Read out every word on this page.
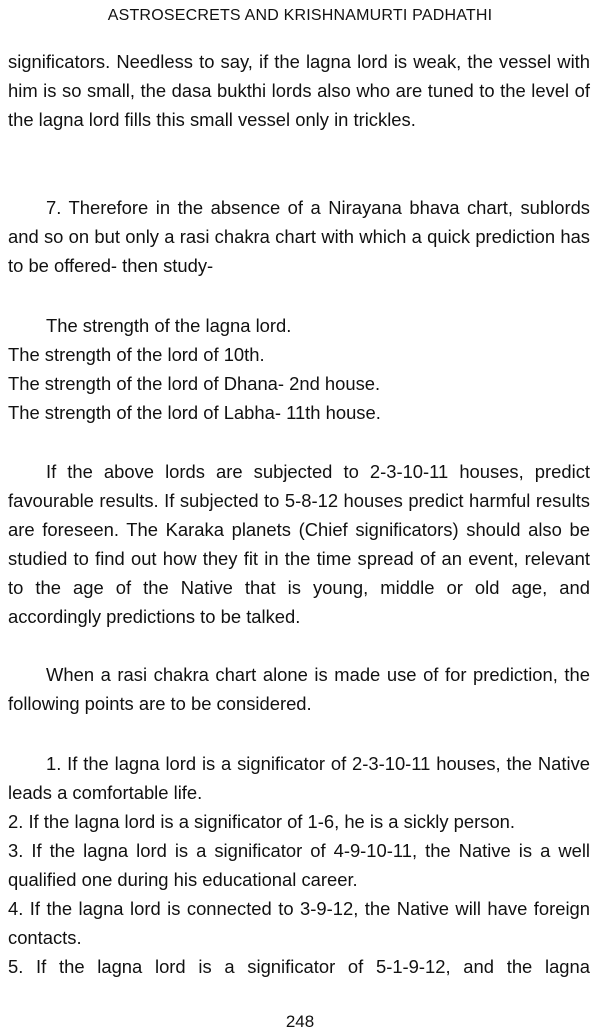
ASTROSECRETS AND KRISHNAMURTI PADHATHI

significators. Needless to say, if the lagna lord is weak, the vessel with him is so small, the dasa bukthi lords also who are tuned to the level of the lagna lord fills this small vessel only in trickles.

7. Therefore in the absence of a Nirayana bhava chart, sublords and so on but only a rasi chakra chart with which a quick prediction has to be offered- then study-

The strength of the lagna lord.

The strength of the lord of 10th.

The strength of the lord of Dhana- 2nd house.

The strength of the lord of Labha- 11th house.

If the above lords are subjected to 2-3-10-11 houses, predict favourable results. If subjected to 5-8-12 houses predict harmful results are foreseen. The Karaka planets (Chief significators) should also be studied to find out how they fit in the time spread of an event, relevant to the age of the Native that is young, middle or old age, and accordingly predictions to be talked.

When a rasi chakra chart alone is made use of for prediction, the following points are to be considered.

1. If the lagna lord is a significator of 2-3-10-11 houses, the Native leads a comfortable life.

2. If the lagna lord is a significator of 1-6, he is a sickly person.

3. If the lagna lord is a significator of 4-9-10-11, the Native is a well qualified one during his educational career.

4. If the lagna lord is connected to 3-9-12, the Native will have foreign contacts.

5. If the lagna lord is a significator of 5-1-9-12, and the lagna

248
